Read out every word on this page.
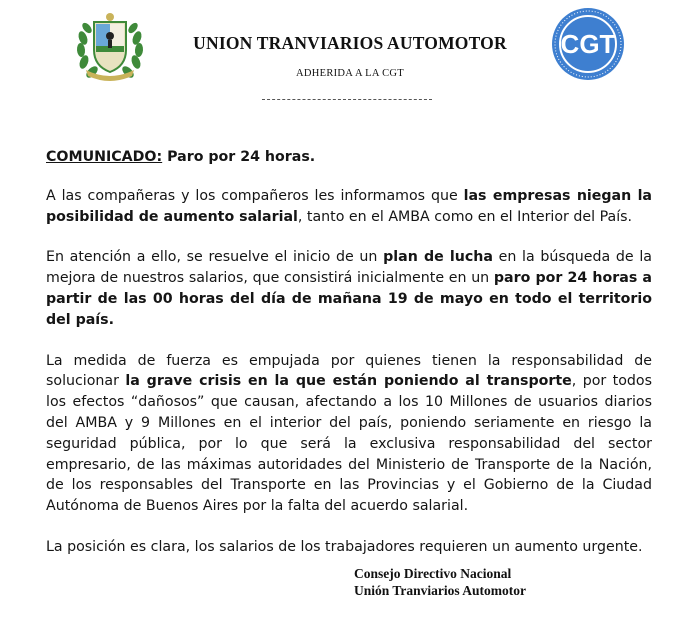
UNION TRANVIARIOS AUTOMOTOR
ADHERIDA A LA CGT
CGT

COMUNICADO: Paro por 24 horas.

A las compañeras y los compañeros les informamos que las empresas niegan la posibilidad de aumento salarial, tanto en el AMBA como en el Interior del País.

En atención a ello, se resuelve el inicio de un plan de lucha en la búsqueda de la mejora de nuestros salarios, que consistirá inicialmente en un paro por 24 horas a partir de las 00 horas del día de mañana 19 de mayo en todo el territorio del país.

La medida de fuerza es empujada por quienes tienen la responsabilidad de solucionar la grave crisis en la que están poniendo al transporte, por todos los efectos “dañosos” que causan, afectando a los 10 Millones de usuarios diarios del AMBA y 9 Millones en el interior del país, poniendo seriamente en riesgo la seguridad pública, por lo que será la exclusiva responsabilidad del sector empresario, de las máximas autoridades del Ministerio de Transporte de la Nación, de los responsables del Transporte en las Provincias y el Gobierno de la Ciudad Autónoma de Buenos Aires por la falta del acuerdo salarial.

La posición es clara, los salarios de los trabajadores requieren un aumento urgente.

Consejo Directivo Nacional
Unión Tranviarios Automotor
